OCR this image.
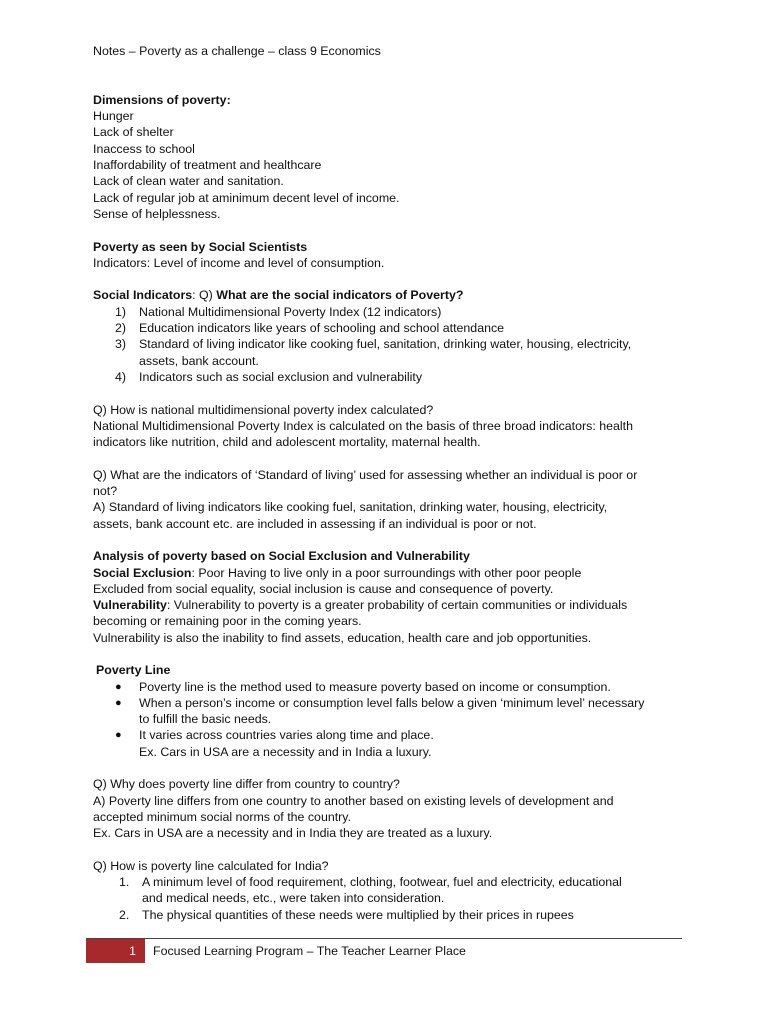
Notes – Poverty as a challenge – class 9 Economics
Dimensions of poverty:
Hunger
Lack of shelter
Inaccess to school
Inaffordability of treatment and healthcare
Lack of clean water and sanitation.
Lack of regular job at aminimum decent level of income.
Sense of helplessness.
Poverty as seen by Social Scientists
Indicators: Level of income and level of consumption.
Social Indicators: Q) What are the social indicators of Poverty?
1) National Multidimensional Poverty Index (12 indicators)
2) Education indicators like years of schooling and school attendance
3) Standard of living indicator like cooking fuel, sanitation, drinking water, housing, electricity,
assets, bank account.
4) Indicators such as social exclusion and vulnerability
Q) How is national multidimensional poverty index calculated?
National Multidimensional Poverty Index is calculated on the basis of three broad indicators: health
indicators like nutrition, child and adolescent mortality, maternal health.
Q) What are the indicators of ‘Standard of living’ used for assessing whether an individual is poor or
not?
A) Standard of living indicators like cooking fuel, sanitation, drinking water, housing, electricity,
assets, bank account etc. are included in assessing if an individual is poor or not.
Analysis of poverty based on Social Exclusion and Vulnerability
Social Exclusion: Poor Having to live only in a poor surroundings with other poor people
Excluded from social equality, social inclusion is cause and consequence of poverty.
Vulnerability: Vulnerability to poverty is a greater probability of certain communities or individuals
becoming or remaining poor in the coming years.
Vulnerability is also the inability to find assets, education, health care and job opportunities.
Poverty Line
● Poverty line is the method used to measure poverty based on income or consumption.
● When a person’s income or consumption level falls below a given ‘minimum level’ necessary
to fulfill the basic needs.
● It varies across countries varies along time and place.
Ex. Cars in USA are a necessity and in India a luxury.
Q) Why does poverty line differ from country to country?
A) Poverty line differs from one country to another based on existing levels of development and
accepted minimum social norms of the country.
Ex. Cars in USA are a necessity and in India they are treated as a luxury.
Q) How is poverty line calculated for India?
1. A minimum level of food requirement, clothing, footwear, fuel and electricity, educational
and medical needs, etc., were taken into consideration.
2. The physical quantities of these needs were multiplied by their prices in rupees
1	Focused Learning Program – The Teacher Learner Place
